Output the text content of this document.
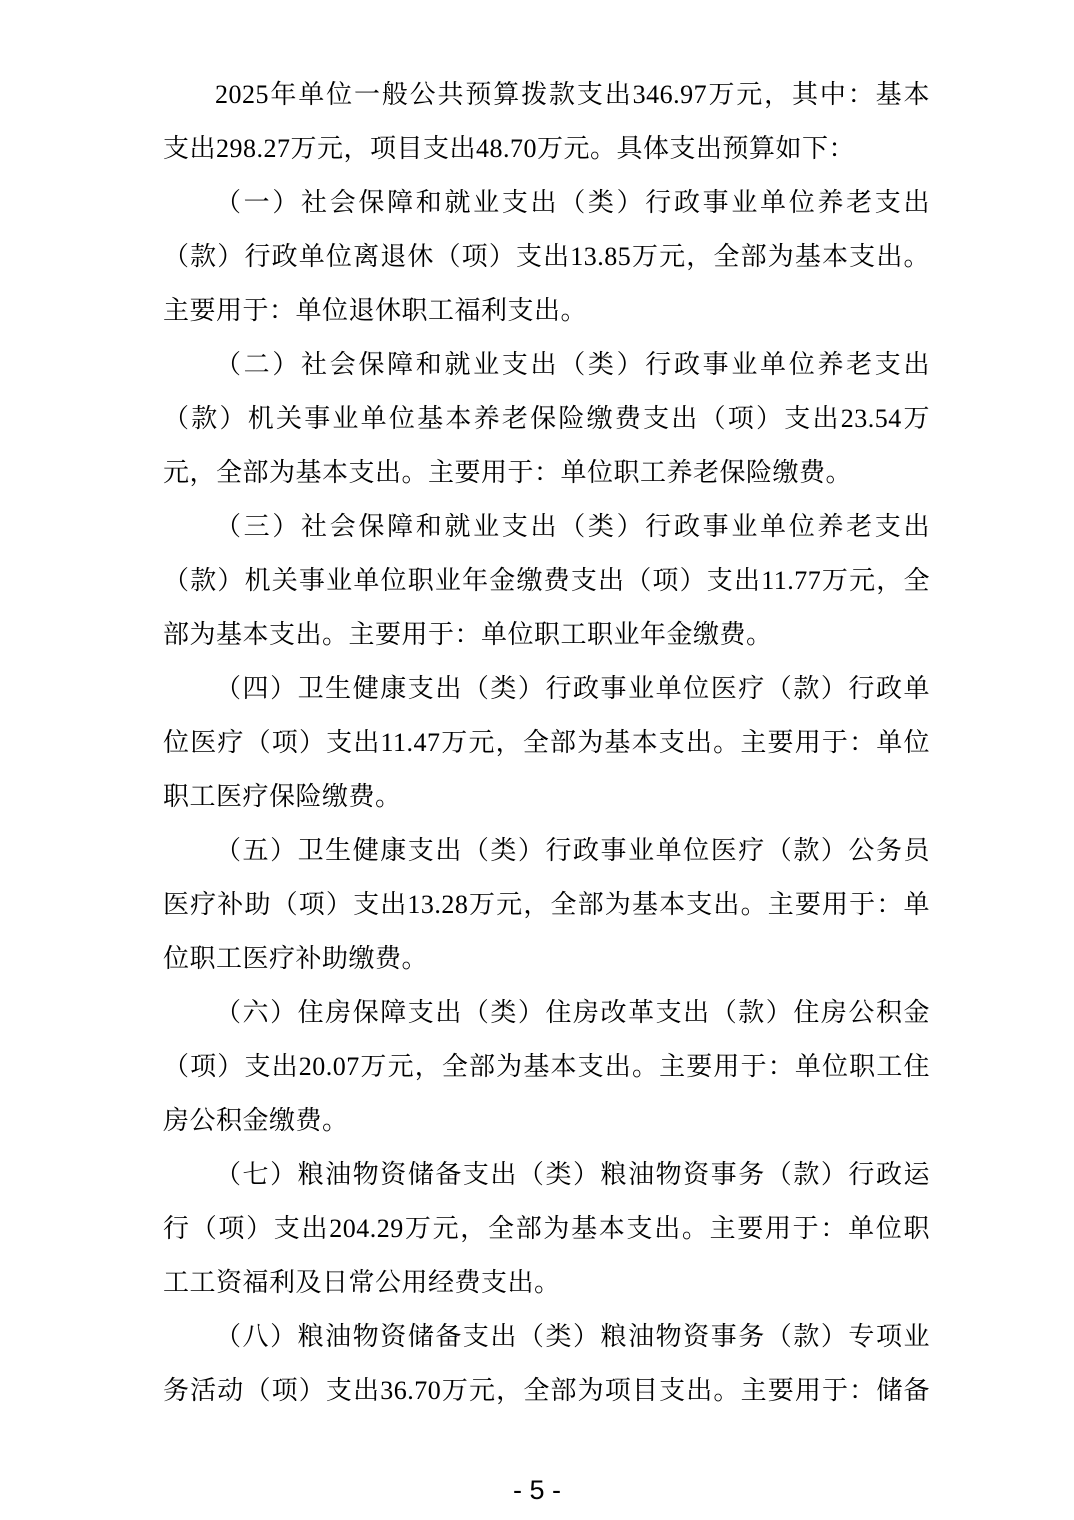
2025年单位一般公共预算拨款支出346.97万元，其中：基本
支出298.27万元，项目支出48.70万元。具体支出预算如下：
（一）社会保障和就业支出（类）行政事业单位养老支出
（款）行政单位离退休（项）支出13.85万元，全部为基本支出。
主要用于：单位退休职工福利支出。
（二）社会保障和就业支出（类）行政事业单位养老支出
（款）机关事业单位基本养老保险缴费支出（项）支出23.54万
元，全部为基本支出。主要用于：单位职工养老保险缴费。
（三）社会保障和就业支出（类）行政事业单位养老支出
（款）机关事业单位职业年金缴费支出（项）支出11.77万元，全
部为基本支出。主要用于：单位职工职业年金缴费。
（四）卫生健康支出（类）行政事业单位医疗（款）行政单
位医疗（项）支出11.47万元，全部为基本支出。主要用于：单位
职工医疗保险缴费。
（五）卫生健康支出（类）行政事业单位医疗（款）公务员
医疗补助（项）支出13.28万元，全部为基本支出。主要用于：单
位职工医疗补助缴费。
（六）住房保障支出（类）住房改革支出（款）住房公积金
（项）支出20.07万元，全部为基本支出。主要用于：单位职工住
房公积金缴费。
（七）粮油物资储备支出（类）粮油物资事务（款）行政运
行（项）支出204.29万元，全部为基本支出。主要用于：单位职
工工资福利及日常公用经费支出。
（八）粮油物资储备支出（类）粮油物资事务（款）专项业
务活动（项）支出36.70万元，全部为项目支出。主要用于：储备
- 5 -
